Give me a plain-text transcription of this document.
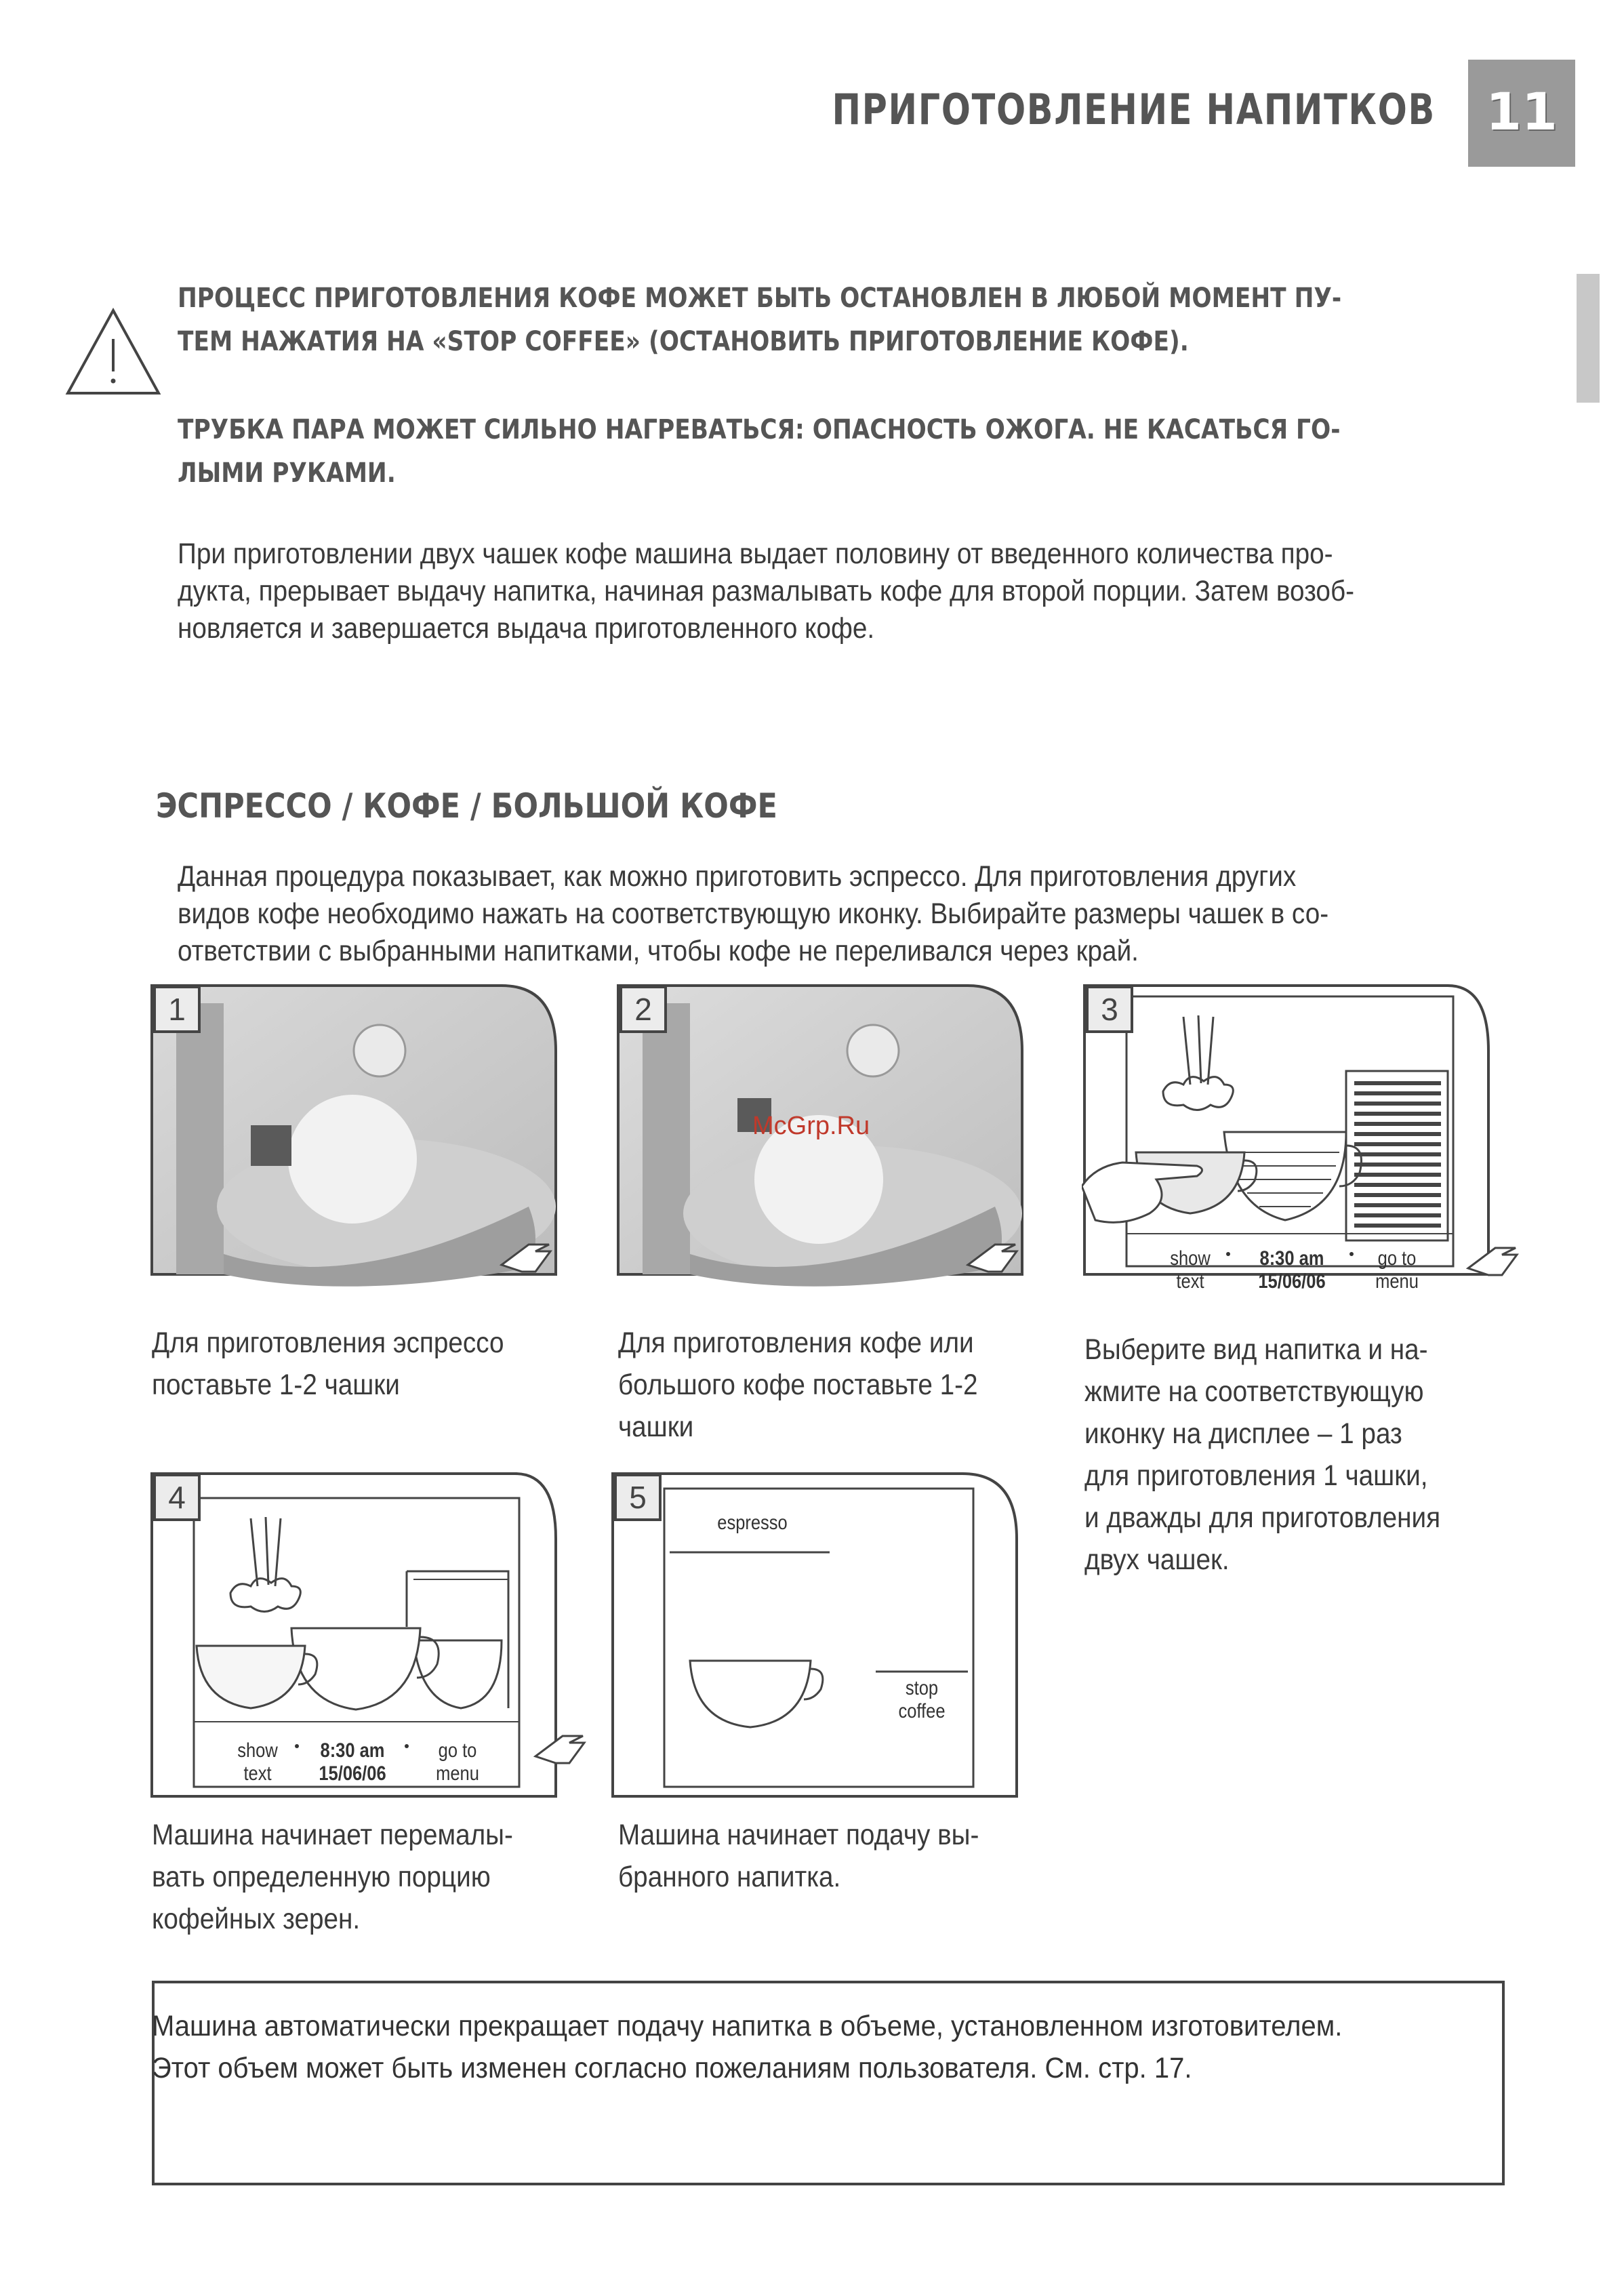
ПРИГОТОВЛЕНИЕ НАПИТКОВ 11
ПРОЦЕСС ПРИГОТОВЛЕНИЯ КОФЕ МОЖЕТ БЫТЬ ОСТАНОВЛЕН В ЛЮБОЙ МОМЕНТ ПУ-
ТЕМ НАЖАТИЯ НА «STOP COFFEE» (ОСТАНОВИТЬ ПРИГОТОВЛЕНИЕ КОФЕ).
ТРУБКА ПАРА МОЖЕТ СИЛЬНО НАГРЕВАТЬСЯ: ОПАСНОСТЬ ОЖОГА. НЕ КАСАТЬСЯ ГО-
ЛЫМИ РУКАМИ.
При приготовлении двух чашек кофе машина выдает половину от введенного количества про-
дукта, прерывает выдачу напитка, начиная размалывать кофе для второй порции. Затем возоб-
новляется и завершается выдача приготовленного кофе.
ЭСПРЕССО / КОФЕ / БОЛЬШОЙ КОФЕ
Данная процедура показывает, как можно приготовить эспрессо. Для приготовления других
видов кофе необходимо нажать на соответствующую иконку. Выбирайте размеры чашек в со-
ответствии с выбранными напитками, чтобы кофе не переливался через край.
1
Для приготовления эспрессо
поставьте 1-2 чашки
2
Для приготовления кофе или
большого кофе поставьте 1-2
чашки
McGrp.Ru
3
show
text
8:30 am
15/06/06
go to
menu
Выберите вид напитка и на-
жмите на соответствующую
иконку на дисплее – 1 раз
для приготовления 1 чашки,
и дважды для приготовления
двух чашек.
4
show
text
8:30 am
15/06/06
go to
menu
Машина начинает перемалы-
вать определенную порцию
кофейных зерен.
5
espresso
stop
coffee
Машина начинает подачу вы-
бранного напитка.
Машина автоматически прекращает подачу напитка в объеме, установленном изготовителем.
Этот объем может быть изменен согласно пожеланиям пользователя. См. стр. 17.
